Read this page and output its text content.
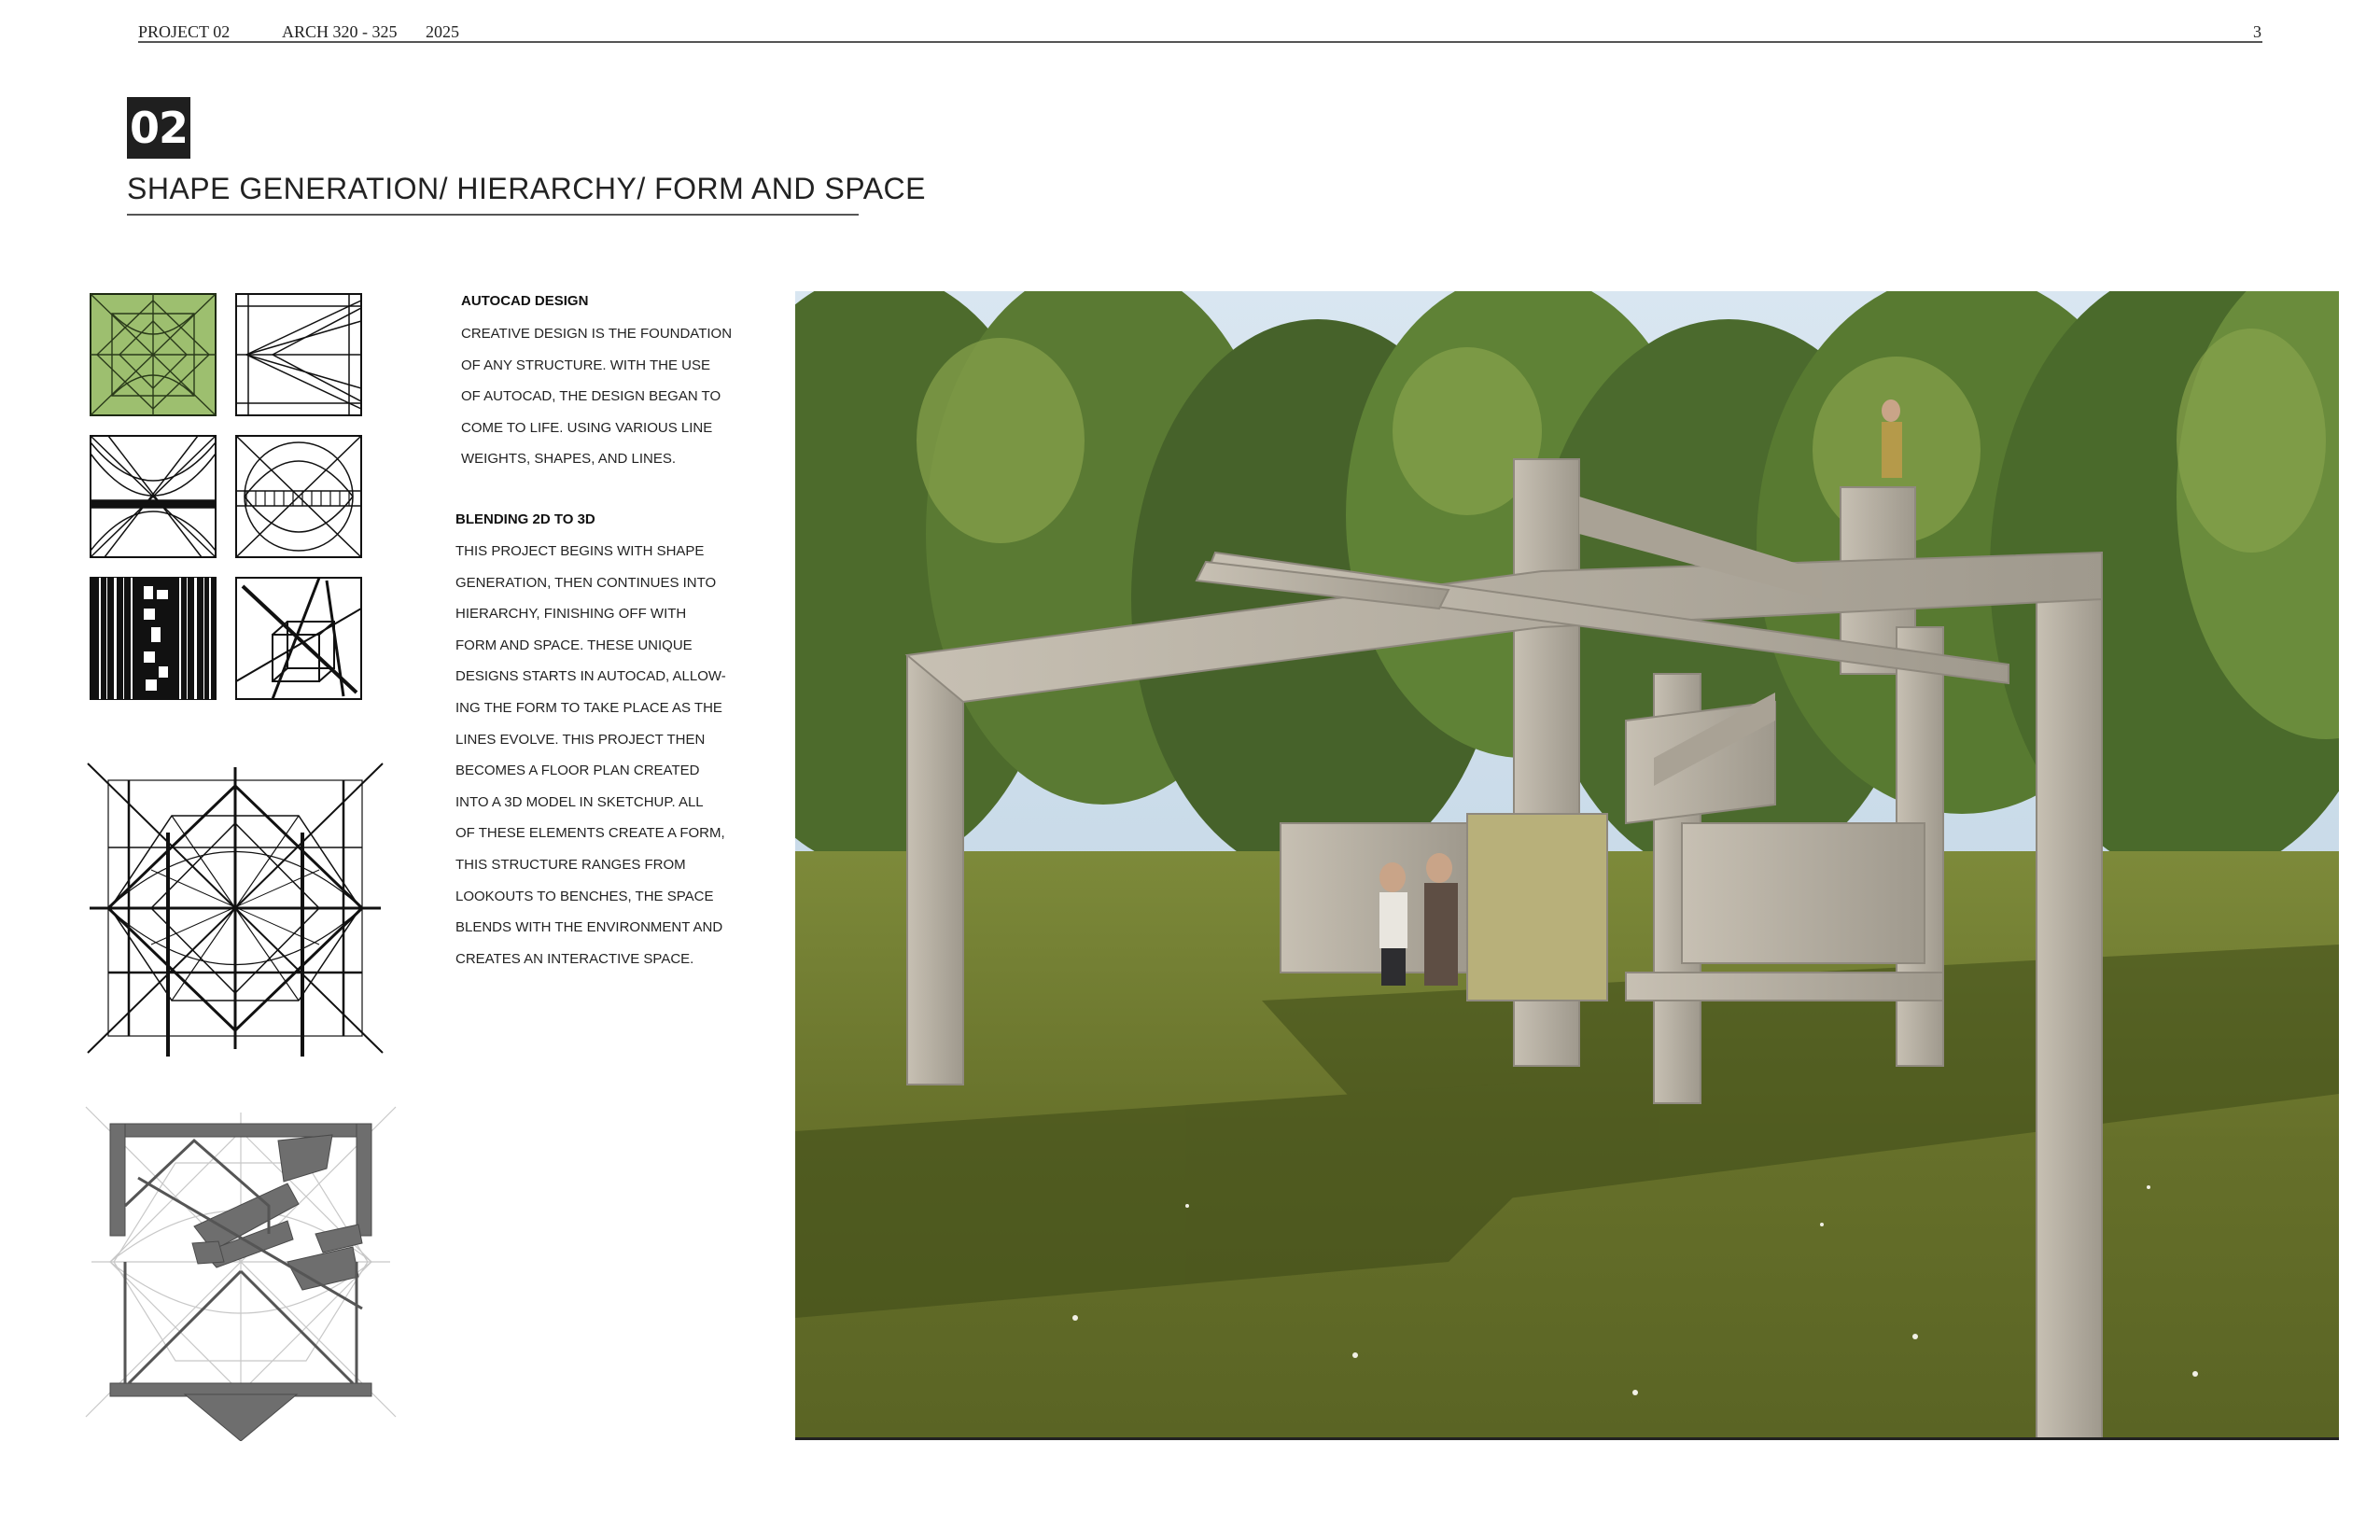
PROJECT 02	ARCH 320 - 325 2025	3
02
SHAPE GENERATION/ HIERARCHY/ FORM AND SPACE
AUTOCAD DESIGN
CREATIVE DESIGN IS THE FOUNDATION
OF ANY STRUCTURE. WITH THE USE
OF AUTOCAD, THE DESIGN BEGAN TO
COME TO LIFE. USING VARIOUS LINE
WEIGHTS, SHAPES, AND LINES.
BLENDING 2D TO 3D
THIS PROJECT BEGINS WITH SHAPE
GENERATION, THEN CONTINUES INTO
HIERARCHY, FINISHING OFF WITH
FORM AND SPACE. THESE UNIQUE
DESIGNS STARTS IN AUTOCAD, ALLOW-
ING THE FORM TO TAKE PLACE AS THE
LINES EVOLVE. THIS PROJECT THEN
BECOMES A FLOOR PLAN CREATED
INTO A 3D MODEL IN SKETCHUP. ALL
OF THESE ELEMENTS CREATE A FORM,
THIS STRUCTURE RANGES FROM
LOOKOUTS TO BENCHES, THE SPACE
BLENDS WITH THE ENVIRONMENT AND
CREATES AN INTERACTIVE SPACE.
